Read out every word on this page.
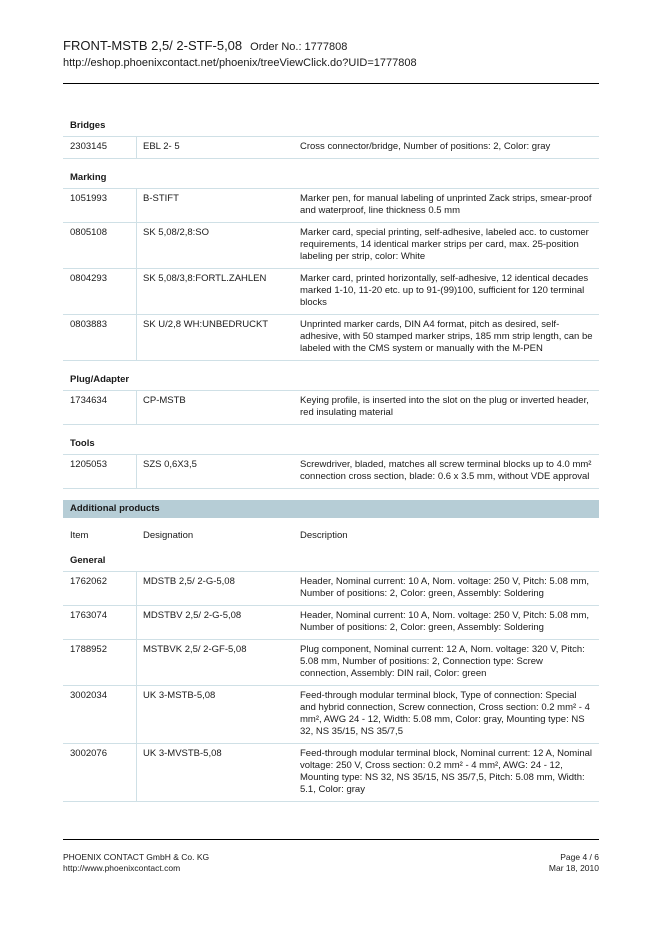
FRONT-MSTB 2,5/ 2-STF-5,08 Order No.: 1777808
http://eshop.phoenixcontact.net/phoenix/treeViewClick.do?UID=1777808
Bridges
2303145	EBL 2- 5	Cross connector/bridge, Number of positions: 2, Color: gray
Marking
1051993	B-STIFT	Marker pen, for manual labeling of unprinted Zack strips, smear-proof and waterproof, line thickness 0.5 mm
0805108	SK 5,08/2,8:SO	Marker card, special printing, self-adhesive, labeled acc. to customer requirements, 14 identical marker strips per card, max. 25-position labeling per strip, color: White
0804293	SK 5,08/3,8:FORTL.ZAHLEN	Marker card, printed horizontally, self-adhesive, 12 identical decades marked 1-10, 11-20 etc. up to 91-(99)100, sufficient for 120 terminal blocks
0803883	SK U/2,8 WH:UNBEDRUCKT	Unprinted marker cards, DIN A4 format, pitch as desired, self-adhesive, with 50 stamped marker strips, 185 mm strip length, can be labeled with the CMS system or manually with the M-PEN
Plug/Adapter
1734634	CP-MSTB	Keying profile, is inserted into the slot on the plug or inverted header, red insulating material
Tools
1205053	SZS 0,6X3,5	Screwdriver, bladed, matches all screw terminal blocks up to 4.0 mm² connection cross section, blade: 0.6 x 3.5 mm, without VDE approval
Additional products
Item	Designation	Description
General
1762062	MDSTB 2,5/ 2-G-5,08	Header, Nominal current: 10 A, Nom. voltage: 250 V, Pitch: 5.08 mm, Number of positions: 2, Color: green, Assembly: Soldering
1763074	MDSTBV 2,5/ 2-G-5,08	Header, Nominal current: 10 A, Nom. voltage: 250 V, Pitch: 5.08 mm, Number of positions: 2, Color: green, Assembly: Soldering
1788952	MSTBVK 2,5/ 2-GF-5,08	Plug component, Nominal current: 12 A, Nom. voltage: 320 V, Pitch: 5.08 mm, Number of positions: 2, Connection type: Screw connection, Assembly: DIN rail, Color: green
3002034	UK 3-MSTB-5,08	Feed-through modular terminal block, Type of connection: Special and hybrid connection, Screw connection, Cross section: 0.2 mm² - 4 mm², AWG 24 - 12, Width: 5.08 mm, Color: gray, Mounting type: NS 32, NS 35/15, NS 35/7,5
3002076	UK 3-MVSTB-5,08	Feed-through modular terminal block, Nominal current: 12 A, Nominal voltage: 250 V, Cross section: 0.2 mm² - 4 mm², AWG: 24 - 12, Mounting type: NS 32, NS 35/15, NS 35/7,5, Pitch: 5.08 mm, Width: 5.1, Color: gray
PHOENIX CONTACT GmbH & Co. KG
http://www.phoenixcontact.com
Page 4 / 6
Mar 18, 2010
